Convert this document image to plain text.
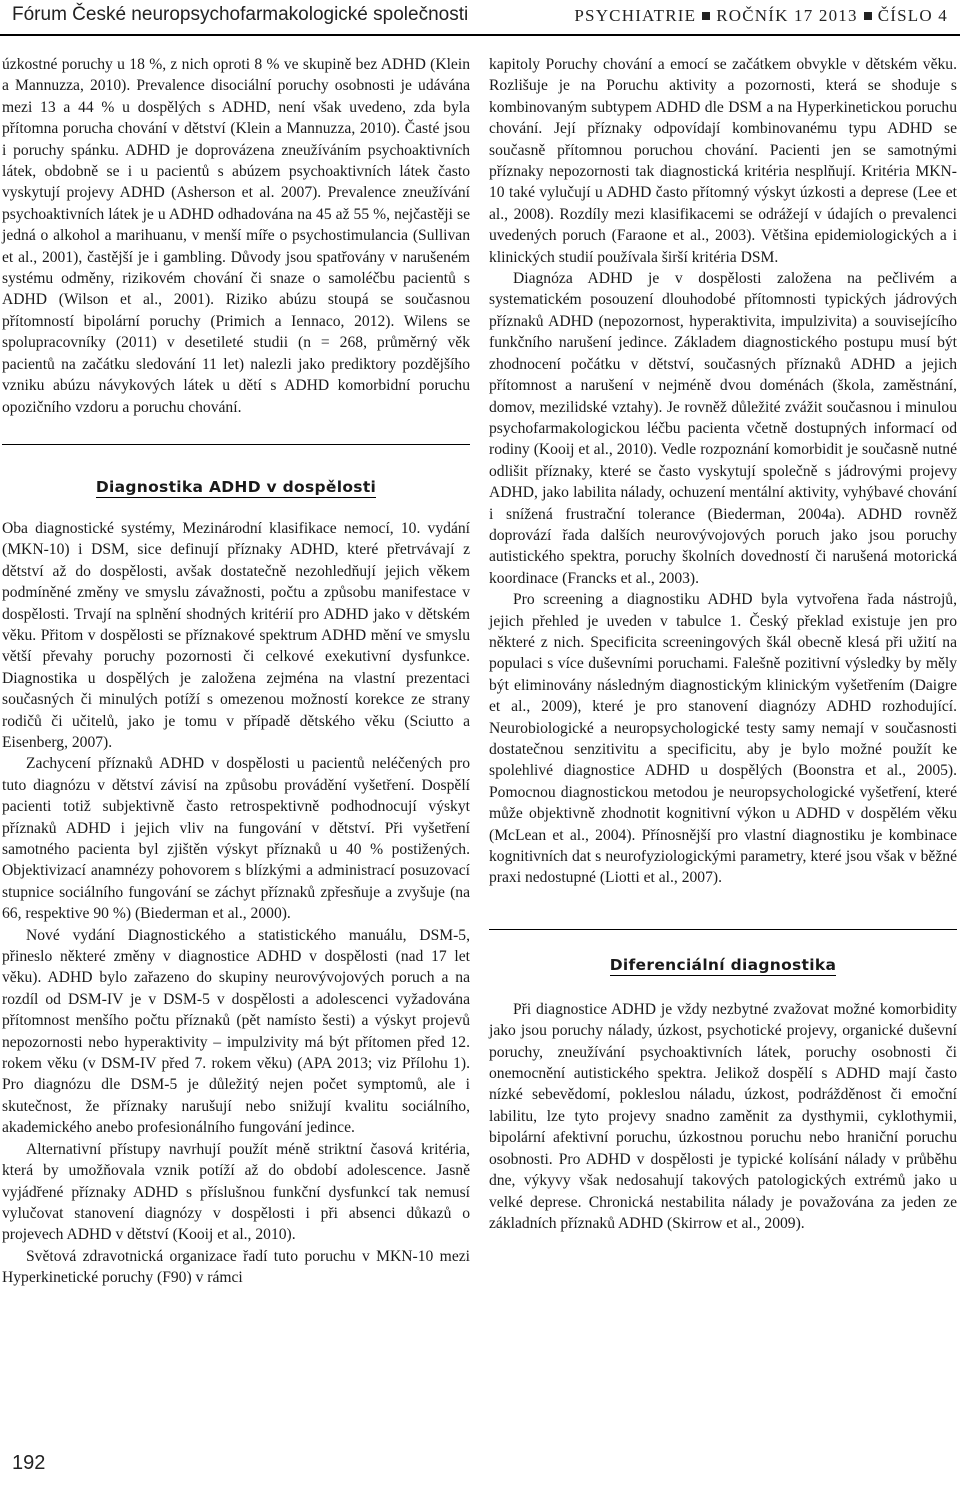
Fórum České neuropsychofarmakologické společnosti	PSYCHIATRIE ROČNÍK 17 2013 ČÍSLO 4

úzkostné poruchy u 18 %, z nich oproti 8 % ve skupině bez ADHD (Klein a Mannuzza, 2010). Prevalence disociální poruchy osobnosti je udávána mezi 13 a 44 % u dospělých s ADHD, není však uvedeno, zda byla přítomna porucha chování v dětství (Klein a Mannuzza, 2010). Časté jsou i poruchy spánku. ADHD je doprovázena zneužíváním psychoaktivních látek, obdobně se i u pacientů s abúzem psychoaktivních látek často vyskytují projevy ADHD (Asherson et al. 2007). Prevalence zneužívání psychoaktivních látek je u ADHD odhadována na 45 až 55 %, nejčastěji se jedná o alkohol a marihuanu, v menší míře o psychostimulancia (Sullivan et al., 2001), častější je i gambling. Důvody jsou spatřovány v narušeném systému odměny, rizikovém chování či snaze o samoléčbu pacientů s ADHD (Wilson et al., 2001). Riziko abúzu stoupá se současnou přítomností bipolární poruchy (Primich a Iennaco, 2012). Wilens se spolupracovníky (2011) v desetileté studii (n = 268, průměrný věk pacientů na začátku sledování 11 let) nalezli jako prediktory pozdějšího vzniku abúzu návykových látek u dětí s ADHD komorbidní poruchu opozičního vzdoru a poruchu chování.

Diagnostika ADHD v dospělosti

Oba diagnostické systémy, Mezinárodní klasifikace nemocí, 10. vydání (MKN-10) i DSM, sice definují příznaky ADHD, které přetrvávají z dětství až do dospělosti, avšak dostatečně nezohledňují jejich věkem podmíněné změny ve smyslu závažnosti, počtu a způsobu manifestace v dospělosti. Trvají na splnění shodných kritérií pro ADHD jako v dětském věku. Přitom v dospělosti se příznakové spektrum ADHD mění ve smyslu větší převahy poruchy pozornosti či celkové exekutivní dysfunkce. Diagnostika u dospělých je založena zejména na vlastní prezentaci současných či minulých potíží s omezenou možností korekce ze strany rodičů či učitelů, jako je tomu v případě dětského věku (Sciutto a Eisenberg, 2007).

Zachycení příznaků ADHD v dospělosti u pacientů neléčených pro tuto diagnózu v dětství závisí na způsobu provádění vyšetření. Dospělí pacienti totiž subjektivně často retrospektivně podhodnocují výskyt příznaků ADHD i jejich vliv na fungování v dětství. Při vyšetření samotného pacienta byl zjištěn výskyt příznaků u 40 % postižených. Objektivizací anamnézy pohovorem s blízkými a administrací posuzovací stupnice sociálního fungování se záchyt příznaků zpřesňuje a zvyšuje (na 66, respektive 90 %) (Biederman et al., 2000).

Nové vydání Diagnostického a statistického manuálu, DSM-5, přineslo některé změny v diagnostice ADHD v dospělosti (nad 17 let věku). ADHD bylo zařazeno do skupiny neurovývojových poruch a na rozdíl od DSM-IV je v DSM-5 v dospělosti a adolescenci vyžadována přítomnost menšího počtu příznaků (pět namísto šesti) a výskyt projevů nepozornosti nebo hyperaktivity – impulzivity má být přítomen před 12. rokem věku (v DSM-IV před 7. rokem věku) (APA 2013; viz Přílohu 1). Pro diagnózu dle DSM-5 je důležitý nejen počet symptomů, ale i skutečnost, že příznaky narušují nebo snižují kvalitu sociálního, akademického anebo profesionálního fungování jedince.

Alternativní přístupy navrhují použít méně striktní časová kritéria, která by umožňovala vznik potíží až do období adolescence. Jasně vyjádřené příznaky ADHD s příslušnou funkční dysfunkcí tak nemusí vylučovat stanovení diagnózy v dospělosti i při absenci důkazů o projevech ADHD v dětství (Kooij et al., 2010).

Světová zdravotnická organizace řadí tuto poruchu v MKN-10 mezi Hyperkinetické poruchy (F90) v rámci

kapitoly Poruchy chování a emocí se začátkem obvykle v dětském věku. Rozlišuje je na Poruchu aktivity a pozornosti, která se shoduje s kombinovaným subtypem ADHD dle DSM a na Hyperkinetickou poruchu chování. Její příznaky odpovídají kombinovanému typu ADHD se současně přítomnou poruchou chování. Pacienti jen se samotnými příznaky nepozornosti tak diagnostická kritéria nesplňují. Kritéria MKN-10 také vylučují u ADHD často přítomný výskyt úzkosti a deprese (Lee et al., 2008). Rozdíly mezi klasifikacemi se odrážejí v údajích o prevalenci uvedených poruch (Faraone et al., 2003). Většina epidemiologických a i klinických studií používala širší kritéria DSM.

Diagnóza ADHD je v dospělosti založena na pečlivém a systematickém posouzení dlouhodobé přítomnosti typických jádrových příznaků ADHD (nepozornost, hyperaktivita, impulzivita) a souvisejícího funkčního narušení jedince. Základem diagnostického postupu musí být zhodnocení počátku v dětství, současných příznaků ADHD a jejich přítomnost a narušení v nejméně dvou doménách (škola, zaměstnání, domov, mezilidské vztahy). Je rovněž důležité zvážit současnou i minulou psychofarmakologickou léčbu pacienta včetně dostupných informací od rodiny (Kooij et al., 2010). Vedle rozpoznání komorbidit je současně nutné odlišit příznaky, které se často vyskytují společně s jádrovými projevy ADHD, jako labilita nálady, ochuzení mentální aktivity, vyhýbavé chování i snížená frustrační tolerance (Biederman, 2004a). ADHD rovněž doprovází řada dalších neurovývojových poruch jako jsou poruchy autistického spektra, poruchy školních dovedností či narušená motorická koordinace (Francks et al., 2003).

Pro screening a diagnostiku ADHD byla vytvořena řada nástrojů, jejich přehled je uveden v tabulce 1. Český překlad existuje jen pro některé z nich. Specificita screeningových škál obecně klesá při užití na populaci s více duševními poruchami. Falešně pozitivní výsledky by měly být eliminovány následným diagnostickým klinickým vyšetřením (Daigre et al., 2009), které je pro stanovení diagnózy ADHD rozhodující. Neurobiologické a neuropsychologické testy samy nemají v současnosti dostatečnou senzitivitu a specificitu, aby je bylo možné použít ke spolehlivé diagnostice ADHD u dospělých (Boonstra et al., 2005). Pomocnou diagnostickou metodou je neuropsychologické vyšetření, které může objektivně zhodnotit kognitivní výkon u ADHD v dospělém věku (McLean et al., 2004). Přínosnější pro vlastní diagnostiku je kombinace kognitivních dat s neurofyziologickými parametry, které jsou však v běžné praxi nedostupné (Liotti et al., 2007).

Diferenciální diagnostika

Při diagnostice ADHD je vždy nezbytné zvažovat možné komorbidity jako jsou poruchy nálady, úzkost, psychotické projevy, organické duševní poruchy, zneužívání psychoaktivních látek, poruchy osobnosti či onemocnění autistického spektra. Jelikož dospělí s ADHD mají často nízké sebevědomí, pokleslou náladu, úzkost, podrážděnost či emoční labilitu, lze tyto projevy snadno zaměnit za dysthymii, cyklothymii, bipolární afektivní poruchu, úzkostnou poruchu nebo hraniční poruchu osobnosti. Pro ADHD v dospělosti je typické kolísání nálady v průběhu dne, výkyvy však nedosahují takových patologických extrémů jako u velké deprese. Chronická nestabilita nálady je považována za jeden ze základních příznaků ADHD (Skirrow et al., 2009).

192
